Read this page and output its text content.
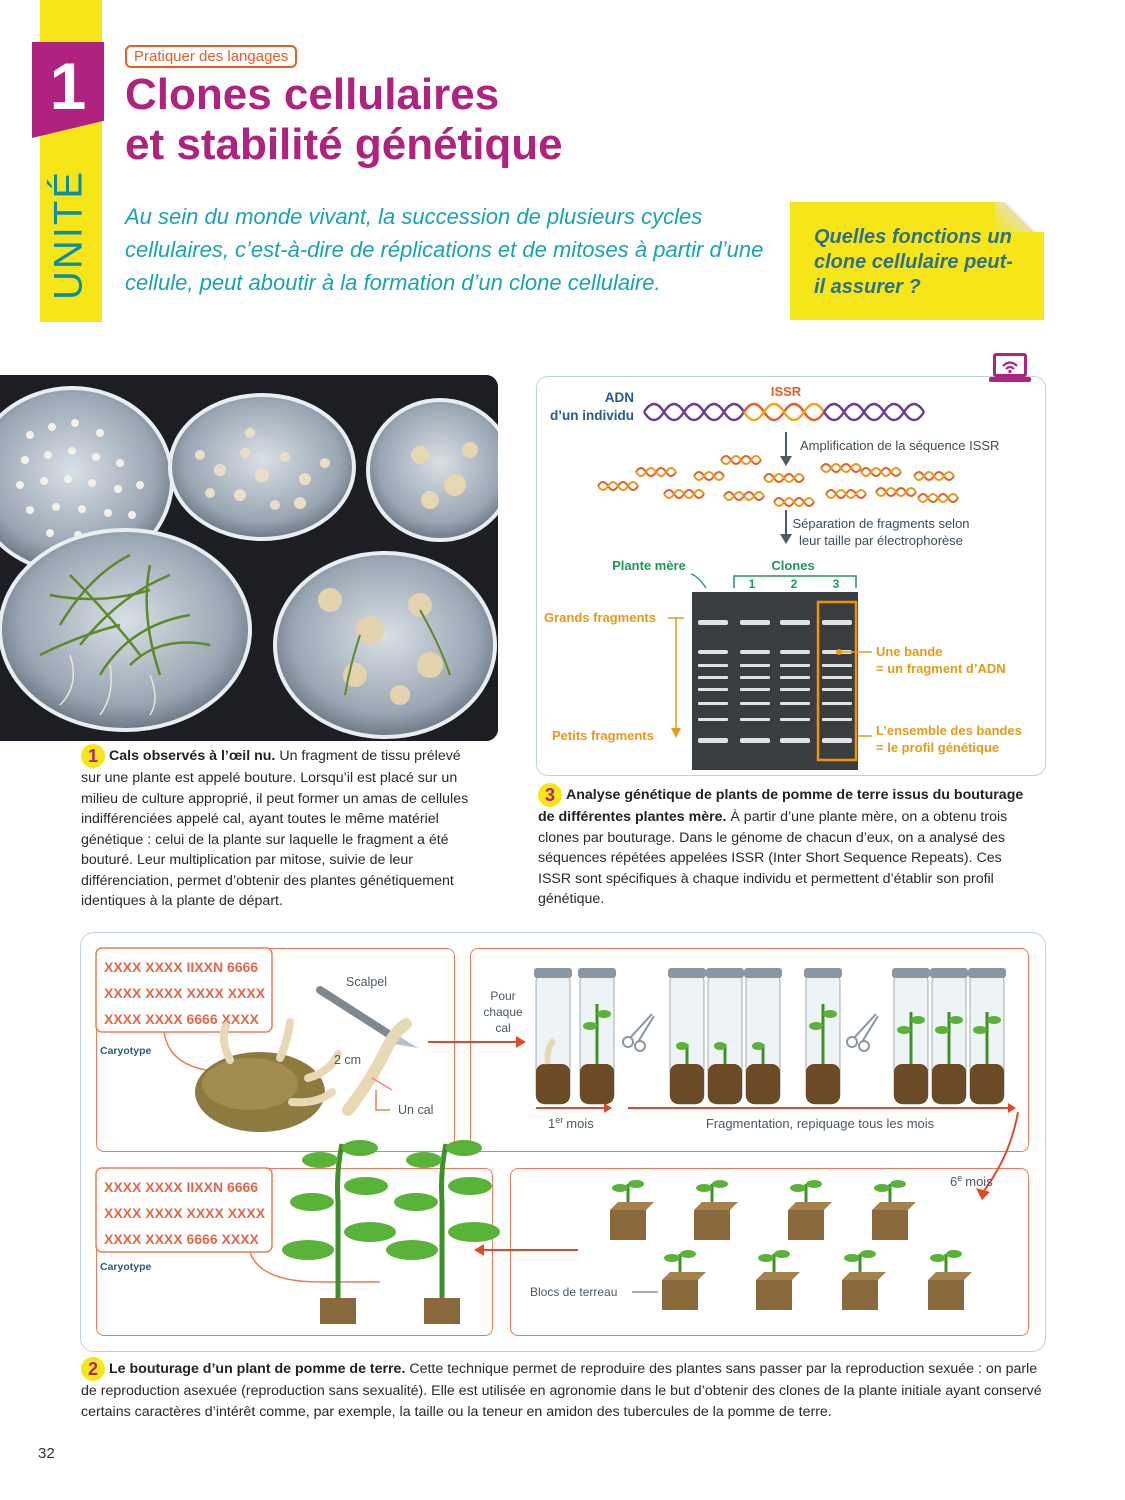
1
UNITÉ
Pratiquer des langages
Clones cellulaires
et stabilité génétique
Au sein du monde vivant, la succession de plusieurs cycles cellulaires, c’est-à-dire de réplications et de mitoses à partir d’une cellule, peut aboutir à la formation d’un clone cellulaire.
Quelles fonctions un clone cellulaire peut-il assurer ?
1 Cals observés à l’œil nu. Un fragment de tissu prélevé sur une plante est appelé bouture. Lorsqu’il est placé sur un milieu de culture approprié, il peut former un amas de cellules indifférenciées appelé cal, ayant toutes le même matériel génétique : celui de la plante sur laquelle le fragment a été bouturé. Leur multiplication par mitose, suivie de leur différenciation, permet d’obtenir des plantes génétiquement identiques à la plante de départ.
ADN
d’un individu
ISSR
Amplification de la séquence ISSR
Séparation de fragments selon
leur taille par électrophorèse
Plante mère	Clones
1	2	3
Grands fragments
Petits fragments
Une bande
= un fragment d’ADN
L’ensemble des bandes
= le profil génétique
3 Analyse génétique de plants de pomme de terre issus du bouturage de différentes plantes mère. À partir d’une plante mère, on a obtenu trois clones par bouturage. Dans le génome de chacun d’eux, on a analysé des séquences répétées appelées ISSR (Inter Short Sequence Repeats). Ces ISSR sont spécifiques à chaque individu et permettent d’établir son profil génétique.
XXXX XXXX IIXXN 6666
XXXX XXXX XXXX XXXX
XXXX XXXX 6666 XXXX
Caryotype
Scalpel
2 cm
Un cal
Pour
chaque
cal
1er mois	Fragmentation, repiquage tous les mois
6e mois
Blocs de terreau
XXXX XXXX IIXXN 6666
XXXX XXXX XXXX XXXX
XXXX XXXX 6666 XXXX
Caryotype
2 Le bouturage d’un plant de pomme de terre. Cette technique permet de reproduire des plantes sans passer par la reproduction sexuée : on parle de reproduction asexuée (reproduction sans sexualité). Elle est utilisée en agronomie dans le but d’obtenir des clones de la plante initiale ayant conservé certains caractères d’intérêt comme, par exemple, la taille ou la teneur en amidon des tubercules de la pomme de terre.
32
